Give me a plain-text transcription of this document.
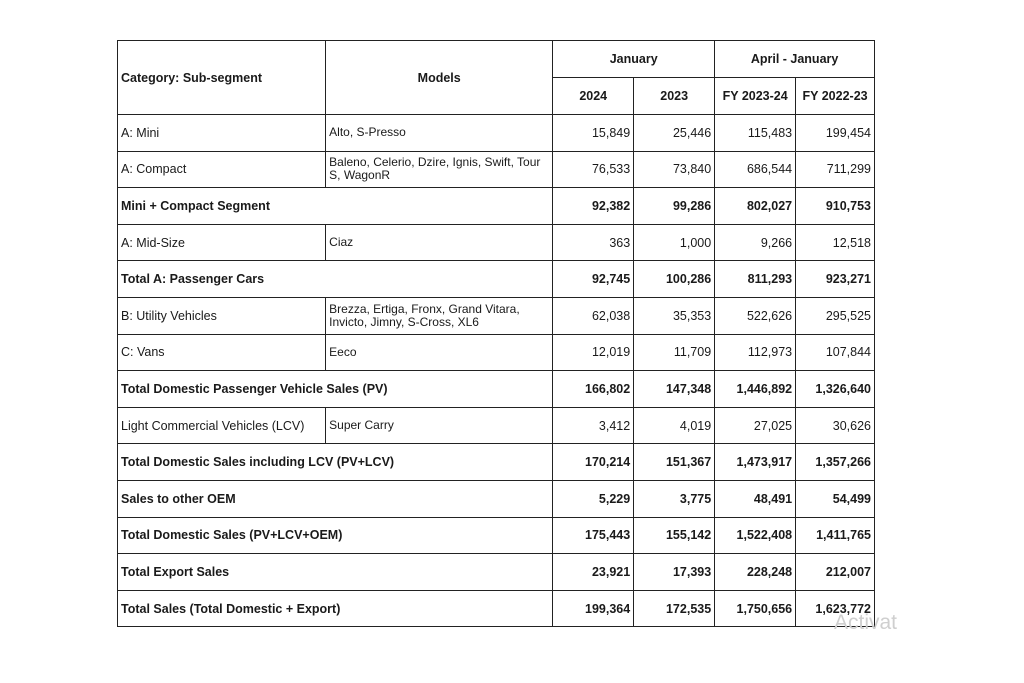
Category: Sub-segment	Models	January		April - January	
		2024	2023	FY 2023-24	FY 2022-23
A: Mini	Alto, S-Presso	15,849	25,446	115,483	199,454
A: Compact	Baleno, Celerio, Dzire, Ignis, Swift, Tour S, WagonR	76,533	73,840	686,544	711,299
Mini + Compact Segment		92,382	99,286	802,027	910,753
A: Mid-Size	Ciaz	363	1,000	9,266	12,518
Total A: Passenger Cars		92,745	100,286	811,293	923,271
B: Utility Vehicles	Brezza, Ertiga, Fronx, Grand Vitara, Invicto, Jimny, S-Cross, XL6	62,038	35,353	522,626	295,525
C: Vans	Eeco	12,019	11,709	112,973	107,844
Total Domestic Passenger Vehicle Sales (PV)		166,802	147,348	1,446,892	1,326,640
Light Commercial Vehicles (LCV)	Super Carry	3,412	4,019	27,025	30,626
Total Domestic Sales including LCV (PV+LCV)		170,214	151,367	1,473,917	1,357,266
Sales to other OEM		5,229	3,775	48,491	54,499
Total Domestic Sales (PV+LCV+OEM)		175,443	155,142	1,522,408	1,411,765
Total Export Sales		23,921	17,393	228,248	212,007
Total Sales (Total Domestic + Export)		199,364	172,535	1,750,656	1,623,772
Activat
